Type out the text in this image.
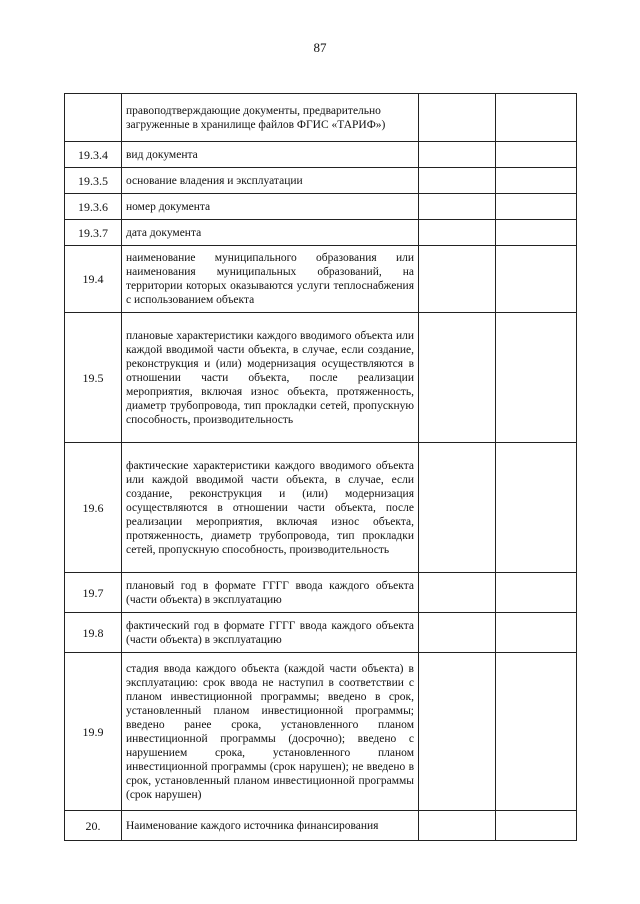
87
	правоподтверждающие документы, предварительно загруженные в хранилище файлов ФГИС «ТАРИФ»)		
19.3.4	вид документа		
19.3.5	основание владения и эксплуатации		
19.3.6	номер документа		
19.3.7	дата документа		
19.4	наименование муниципального образования или наименования муниципальных образований, на территории которых оказываются услуги теплоснабжения с использованием объекта		
19.5	плановые характеристики каждого вводимого объекта или каждой вводимой части объекта, в случае, если создание, реконструкция и (или) модернизация осуществляются в отношении части объекта, после реализации мероприятия, включая износ объекта, протяженность, диаметр трубопровода, тип прокладки сетей, пропускную способность, производительность		
19.6	фактические характеристики каждого вводимого объекта или каждой вводимой части объекта, в случае, если создание, реконструкция и (или) модернизация осуществляются в отношении части объекта, после реализации мероприятия, включая износ объекта, протяженность, диаметр трубопровода, тип прокладки сетей, пропускную способность, производительность		
19.7	плановый год в формате ГГГГ ввода каждого объекта (части объекта) в эксплуатацию		
19.8	фактический год в формате ГГГГ ввода каждого объекта (части объекта) в эксплуатацию		
19.9	стадия ввода каждого объекта (каждой части объекта) в эксплуатацию: срок ввода не наступил в соответствии с планом инвестиционной программы; введено в срок, установленный планом инвестиционной программы; введено ранее срока, установленного планом инвестиционной программы (досрочно); введено с нарушением срока, установленного планом инвестиционной программы (срок нарушен); не введено в срок, установленный планом инвестиционной программы (срок нарушен)		
20.	Наименование каждого источника финансирования		
